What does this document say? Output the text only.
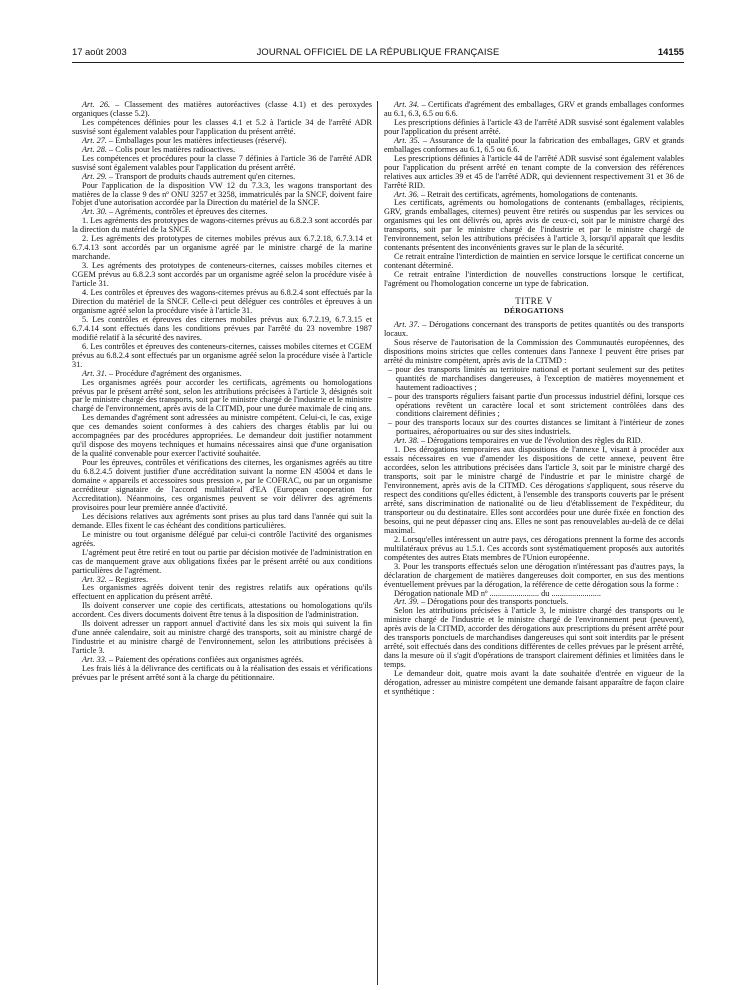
17 août 2003	JOURNAL OFFICIEL DE LA RÉPUBLIQUE FRANÇAISE	14155

Art. 26. – Classement des matières autoréactives (classe 4.1) et des peroxydes organiques (classe 5.2).

Les compétences définies pour les classes 4.1 et 5.2 à l'article 34 de l'arrêté ADR susvisé sont également valables pour l'application du présent arrêté.

Art. 27. – Emballages pour les matières infectieuses (réservé).

Art. 28. – Colis pour les matières radioactives.

Les compétences et procédures pour la classe 7 définies à l'article 36 de l'arrêté ADR susvisé sont également valables pour l'application du présent arrêté.

Art. 29. – Transport de produits chauds autrement qu'en citernes.

Pour l'application de la disposition VW 12 du 7.3.3, les wagons transportant des matières de la classe 9 des nº ONU 3257 et 3258, immatriculés par la SNCF, doivent faire l'objet d'une autorisation accordée par la Direction du matériel de la SNCF.

Art. 30. – Agréments, contrôles et épreuves des citernes.

1. Les agréments des prototypes de wagons-citernes prévus au 6.8.2.3 sont accordés par la direction du matériel de la SNCF.

2. Les agréments des prototypes de citernes mobiles prévus aux 6.7.2.18, 6.7.3.14 et 6.7.4.13 sont accordés par un organisme agréé par le ministre chargé de la marine marchande.

3. Les agréments des prototypes de conteneurs-citernes, caisses mobiles citernes et CGEM prévus au 6.8.2.3 sont accordés par un organisme agréé selon la procédure visée à l'article 31.

4. Les contrôles et épreuves des wagons-citernes prévus au 6.8.2.4 sont effectués par la Direction du matériel de la SNCF. Celle-ci peut déléguer ces contrôles et épreuves à un organisme agréé selon la procédure visée à l'article 31.

5. Les contrôles et épreuves des citernes mobiles prévus aux 6.7.2.19, 6.7.3.15 et 6.7.4.14 sont effectués dans les conditions prévues par l'arrêté du 23 novembre 1987 modifié relatif à la sécurité des navires.

6. Les contrôles et épreuves des conteneurs-citernes, caisses mobiles citernes et CGEM prévus au 6.8.2.4 sont effectués par un organisme agréé selon la procédure visée à l'article 31.

Art. 31. – Procédure d'agrément des organismes.

Les organismes agréés pour accorder les certificats, agréments ou homologations prévus par le présent arrêté sont, selon les attributions précisées à l'article 3, désignés soit par le ministre chargé des transports, soit par le ministre chargé de l'industrie et le ministre chargé de l'environnement, après avis de la CITMD, pour une durée maximale de cinq ans.

Les demandes d'agrément sont adressées au ministre compétent. Celui-ci, le cas, exige que ces demandes soient conformes à des cahiers des charges établis par lui ou accompagnées par des procédures appropriées. Le demandeur doit justifier notamment qu'il dispose des moyens techniques et humains nécessaires ainsi que d'une organisation de la qualité convenable pour exercer l'activité souhaitée.

Pour les épreuves, contrôles et vérifications des citernes, les organismes agréés au titre du 6.8.2.4.5 doivent justifier d'une accréditation suivant la norme EN 45004 et dans le domaine « appareils et accessoires sous pression », par le COFRAC, ou par un organisme accréditeur signataire de l'accord multilatéral d'EA (European cooperation for Accreditation). Néanmoins, ces organismes peuvent se voir délivrer des agréments provisoires pour leur première année d'activité.

Les décisions relatives aux agréments sont prises au plus tard dans l'année qui suit la demande. Elles fixent le cas échéant des conditions particulières.

Le ministre ou tout organisme délégué par celui-ci contrôle l'activité des organismes agréés.

L'agrément peut être retiré en tout ou partie par décision motivée de l'administration en cas de manquement grave aux obligations fixées par le présent arrêté ou aux conditions particulières de l'agrément.

Art. 32. – Registres.

Les organismes agréés doivent tenir des registres relatifs aux opérations qu'ils effectuent en application du présent arrêté.

Ils doivent conserver une copie des certificats, attestations ou homologations qu'ils accordent. Ces divers documents doivent être tenus à la disposition de l'administration.

Ils doivent adresser un rapport annuel d'activité dans les six mois qui suivent la fin d'une année calendaire, soit au ministre chargé des transports, soit au ministre chargé de l'industrie et au ministre chargé de l'environnement, selon les attributions précisées à l'article 3.

Art. 33. – Paiement des opérations confiées aux organismes agréés.

Les frais liés à la délivrance des certificats ou à la réalisation des essais et vérifications prévues par le présent arrêté sont à la charge du pétitionnaire.

Art. 34. – Certificats d'agrément des emballages, GRV et grands emballages conformes au 6.1, 6.3, 6.5 ou 6.6.

Les prescriptions définies à l'article 43 de l'arrêté ADR susvisé sont également valables pour l'application du présent arrêté.

Art. 35. – Assurance de la qualité pour la fabrication des emballages, GRV et grands emballages conformes au 6.1, 6.5 ou 6.6.

Les prescriptions définies à l'article 44 de l'arrêté ADR susvisé sont également valables pour l'application du présent arrêté en tenant compte de la conversion des références relatives aux articles 39 et 45 de l'arrêté ADR, qui deviennent respectivement 31 et 36 de l'arrêté RID.

Art. 36. – Retrait des certificats, agréments, homologations de contenants.

Les certificats, agréments ou homologations de contenants (emballages, récipients, GRV, grands emballages, citernes) peuvent être retirés ou suspendus par les services ou organismes qui les ont délivrés ou, après avis de ceux-ci, soit par le ministre chargé des transports, soit par le ministre chargé de l'industrie et par le ministre chargé de l'environnement, selon les attributions précisées à l'article 3, lorsqu'il apparaît que lesdits contenants présentent des inconvénients graves sur le plan de la sécurité.

Ce retrait entraîne l'interdiction de maintien en service lorsque le certificat concerne un contenant déterminé.

Ce retrait entraîne l'interdiction de nouvelles constructions lorsque le certificat, l'agrément ou l'homologation concerne un type de fabrication.

TITRE V

DÉROGATIONS

Art. 37. – Dérogations concernant des transports de petites quantités ou des transports locaux.

Sous réserve de l'autorisation de la Commission des Communautés européennes, des dispositions moins strictes que celles contenues dans l'annexe I peuvent être prises par arrêté du ministre compétent, après avis de la CITMD :

– pour des transports limités au territoire national et portant seulement sur des petites quantités de marchandises dangereuses, à l'exception de matières moyennement et hautement radioactives ;

– pour des transports réguliers faisant partie d'un processus industriel défini, lorsque ces opérations revêtent un caractère local et sont strictement contrôlées dans des conditions clairement définies ;

– pour des transports locaux sur des courtes distances se limitant à l'intérieur de zones portuaires, aéroportuaires ou sur des sites industriels.

Art. 38. – Dérogations temporaires en vue de l'évolution des règles du RID.

1. Des dérogations temporaires aux dispositions de l'annexe I, visant à procéder aux essais nécessaires en vue d'amender les dispositions de cette annexe, peuvent être accordées, selon les attributions précisées dans l'article 3, soit par le ministre chargé des transports, soit par le ministre chargé de l'industrie et par le ministre chargé de l'environnement, après avis de la CITMD. Ces dérogations s'appliquent, sous réserve du respect des conditions qu'elles édictent, à l'ensemble des transports couverts par le présent arrêté, sans discrimination de nationalité ou de lieu d'établissement de l'expéditeur, du transporteur ou du destinataire. Elles sont accordées pour une durée fixée en fonction des besoins, qui ne peut dépasser cinq ans. Elles ne sont pas renouvelables au-delà de ce délai maximal.

2. Lorsqu'elles intéressent un autre pays, ces dérogations prennent la forme des accords multilatéraux prévus au 1.5.1. Ces accords sont systématiquement proposés aux autorités compétentes des autres Etats membres de l'Union européenne.

3. Pour les transports effectués selon une dérogation n'intéressant pas d'autres pays, la déclaration de chargement de matières dangereuses doit comporter, en sus des mentions éventuellement prévues par la dérogation, la référence de cette dérogation sous la forme :

Dérogation nationale MD nº ........................ du ........................

Art. 39. – Dérogations pour des transports ponctuels.

Selon les attributions précisées à l'article 3, le ministre chargé des transports ou le ministre chargé de l'industrie et le ministre chargé de l'environnement peut (peuvent), après avis de la CITMD, accorder des dérogations aux prescriptions du présent arrêté pour des transports ponctuels de marchandises dangereuses qui sont soit interdits par le présent arrêté, soit effectués dans des conditions différentes de celles prévues par le présent arrêté, dans la mesure où il s'agit d'opérations de transport clairement définies et limitées dans le temps.

Le demandeur doit, quatre mois avant la date souhaitée d'entrée en vigueur de la dérogation, adresser au ministre compétent une demande faisant apparaître de façon claire et synthétique :
